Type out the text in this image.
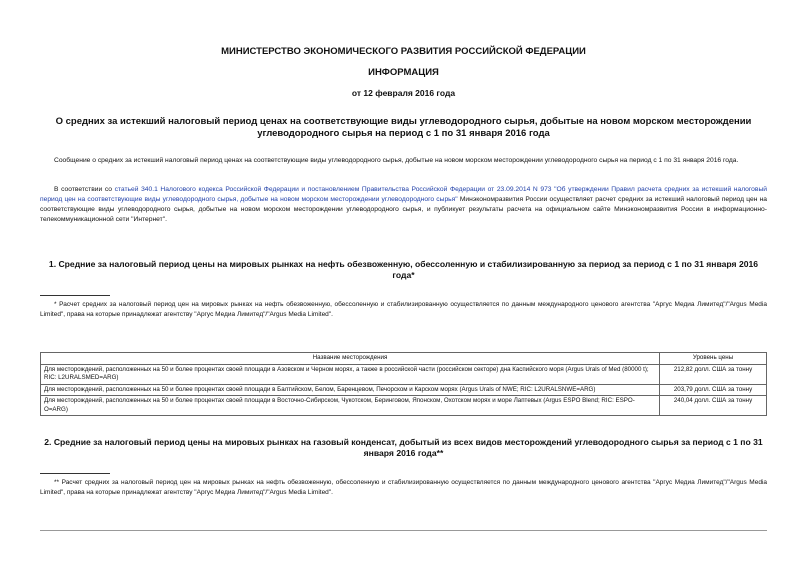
МИНИСТЕРСТВО ЭКОНОМИЧЕСКОГО РАЗВИТИЯ РОССИЙСКОЙ ФЕДЕРАЦИИ
ИНФОРМАЦИЯ
от 12 февраля 2016 года
О средних за истекший налоговый период ценах на соответствующие виды углеводородного сырья, добытые на новом морском месторождении углеводородного сырья на период с 1 по 31 января 2016 года
Сообщение о средних за истекший налоговый период ценах на соответствующие виды углеводородного сырья, добытые на новом морском месторождении углеводородного сырья на период с 1 по 31 января 2016 года.
В соответствии со статьей 340.1 Налогового кодекса Российской Федерации и постановлением Правительства Российской Федерации от 23.09.2014 N 973 "Об утверждении Правил расчета средних за истекший налоговый период цен на соответствующие виды углеводородного сырья, добытые на новом морском месторождении углеводородного сырья" Минэкономразвития России осуществляет расчет средних за истекший налоговый период цен на соответствующие виды углеводородного сырья, добытые на новом морском месторождении углеводородного сырья, и публикует результаты расчета на официальном сайте Минэкономразвития России в информационно-телекоммуникационной сети "Интернет".
1. Средние за налоговый период цены на мировых рынках на нефть обезвоженную, обессоленную и стабилизированную за период за период с 1 по 31 января 2016 года*
* Расчет средних за налоговый период цен на мировых рынках на нефть обезвоженную, обессоленную и стабилизированную осуществляется по данным международного ценового агентства "Аргус Медиа Лимитед"/"Argus Media Limited", права на которые принадлежат агентству "Аргус Медиа Лимитед"/"Argus Media Limited".
Название месторождения	Уровень цены
Для месторождений, расположенных на 50 и более процентах своей площади в Азовском и Черном морях, а также в российской части (российском секторе) дна Каспийского моря (Argus Urals of Med (80000 t); RIC: L2URALSMED=ARG)	212,82 долл. США за тонну
Для месторождений, расположенных на 50 и более процентах своей площади в Балтийском, Белом, Баренцевом, Печорском и Карском морях (Argus Urals of NWE; RIC: L2URALSNWE=ARG)	203,79 долл. США за тонну
Для месторождений, расположенных на 50 и более процентах своей площади в Восточно-Сибирском, Чукотском, Беринговом, Японском, Охотском морях и море Лаптевых (Argus ESPO Blend; RIC: ESPO-O=ARG)	240,04 долл. США за тонну
2. Средние за налоговый период цены на мировых рынках на газовый конденсат, добытый из всех видов месторождений углеводородного сырья за период с 1 по 31 января 2016 года**
** Расчет средних за налоговый период цен на мировых рынках на нефть обезвоженную, обессоленную и стабилизированную осуществляется по данным международного ценового агентства "Аргус Медиа Лимитед"/"Argus Media Limited", права на которые принадлежат агентству "Аргус Медиа Лимитед"/"Argus Media Limited".
